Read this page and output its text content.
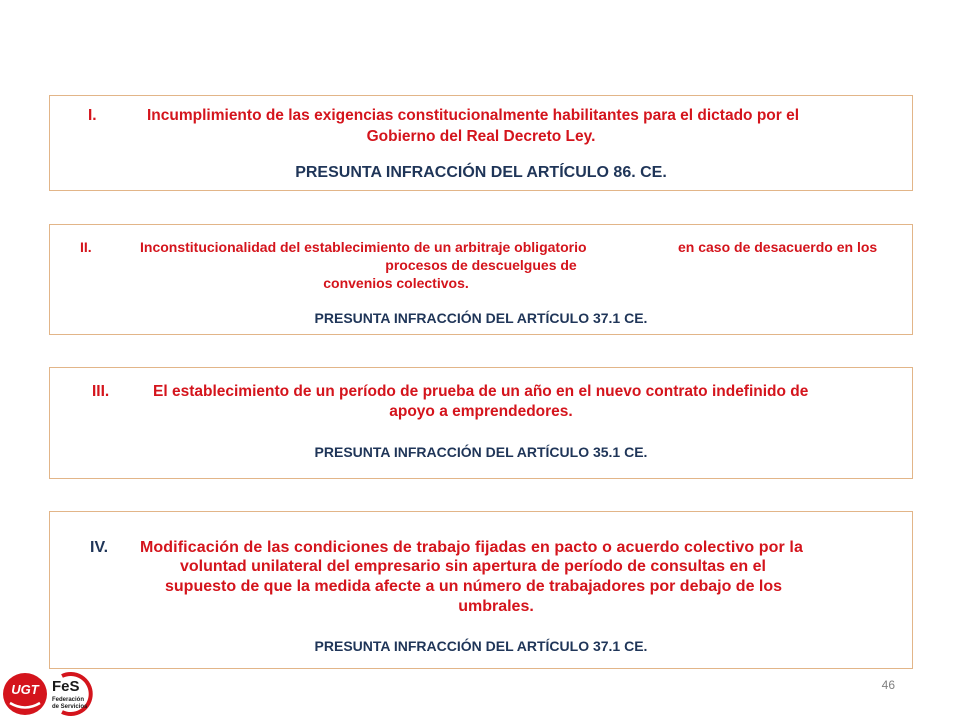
I.	Incumplimiento de las exigencias constitucionalmente habilitantes para el dictado por el
Gobierno del Real Decreto Ley.
PRESUNTA INFRACCIÓN DEL ARTÍCULO 86. CE.
II.	Inconstitucionalidad del establecimiento de un arbitraje obligatorio	en caso de desacuerdo en los
procesos de descuelgues de
convenios colectivos.
PRESUNTA INFRACCIÓN DEL ARTÍCULO 37.1 CE.
III.	El establecimiento de un período de prueba de un año en el nuevo contrato indefinido de
apoyo a emprendedores.
PRESUNTA INFRACCIÓN DEL ARTÍCULO 35.1 CE.
IV. Modificación de las condiciones de trabajo fijadas en pacto o acuerdo colectivo por la
voluntad unilateral del empresario sin apertura de período de consultas en el
supuesto de que la medida afecte a un número de trabajadores por debajo de los
umbrales.
PRESUNTA INFRACCIÓN DEL ARTÍCULO 37.1 CE.
UGT FeS
Federación
de Servicios
46
